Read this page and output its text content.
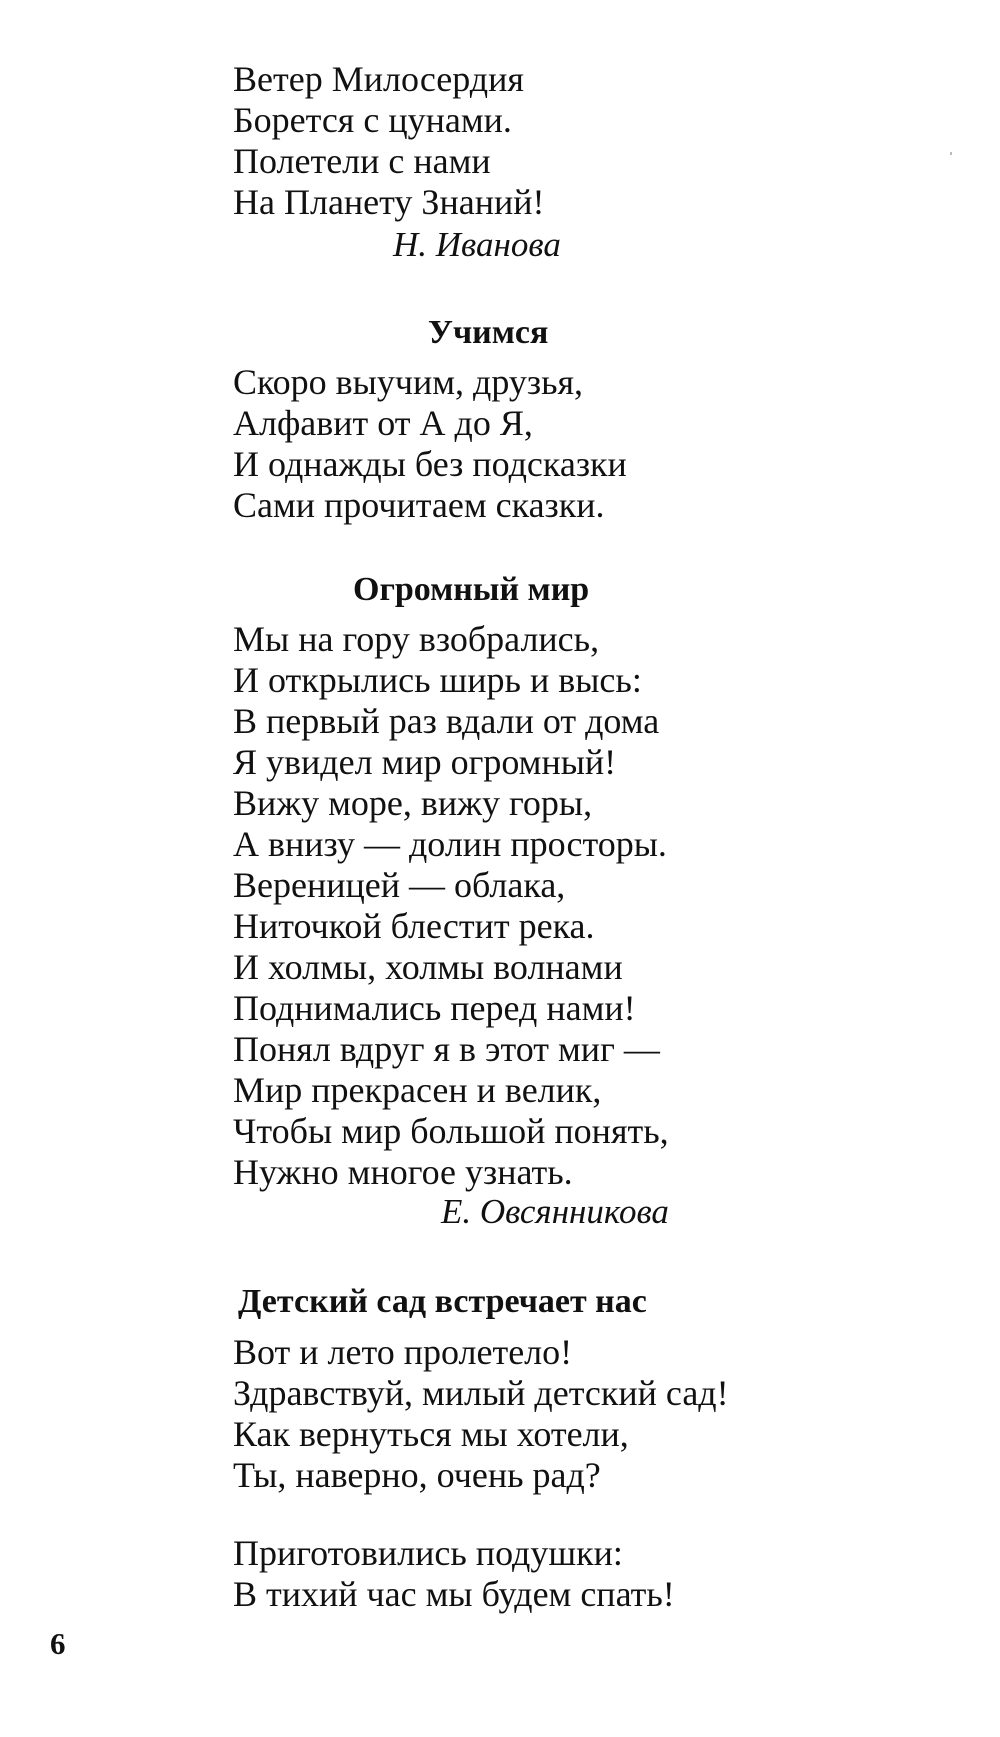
Ветер Милосердия
Борется с цунами.
Полетели с нами
На Планету Знаний!
Н. Иванова
Учимся
Скоро выучим, друзья,
Алфавит от А до Я,
И однажды без подсказки
Сами прочитаем сказки.
Огромный мир
Мы на гору взобрались,
И открылись ширь и высь:
В первый раз вдали от дома
Я увидел мир огромный!
Вижу море, вижу горы,
А внизу — долин просторы.
Вереницей — облака,
Ниточкой блестит река.
И холмы, холмы волнами
Поднимались перед нами!
Понял вдруг я в этот миг —
Мир прекрасен и велик,
Чтобы мир большой понять,
Нужно многое узнать.
Е. Овсянникова
Детский сад встречает нас
Вот и лето пролетело!
Здравствуй, милый детский сад!
Как вернуться мы хотели,
Ты, наверно, очень рад?
Приготовились подушки:
В тихий час мы будем спать!
6
